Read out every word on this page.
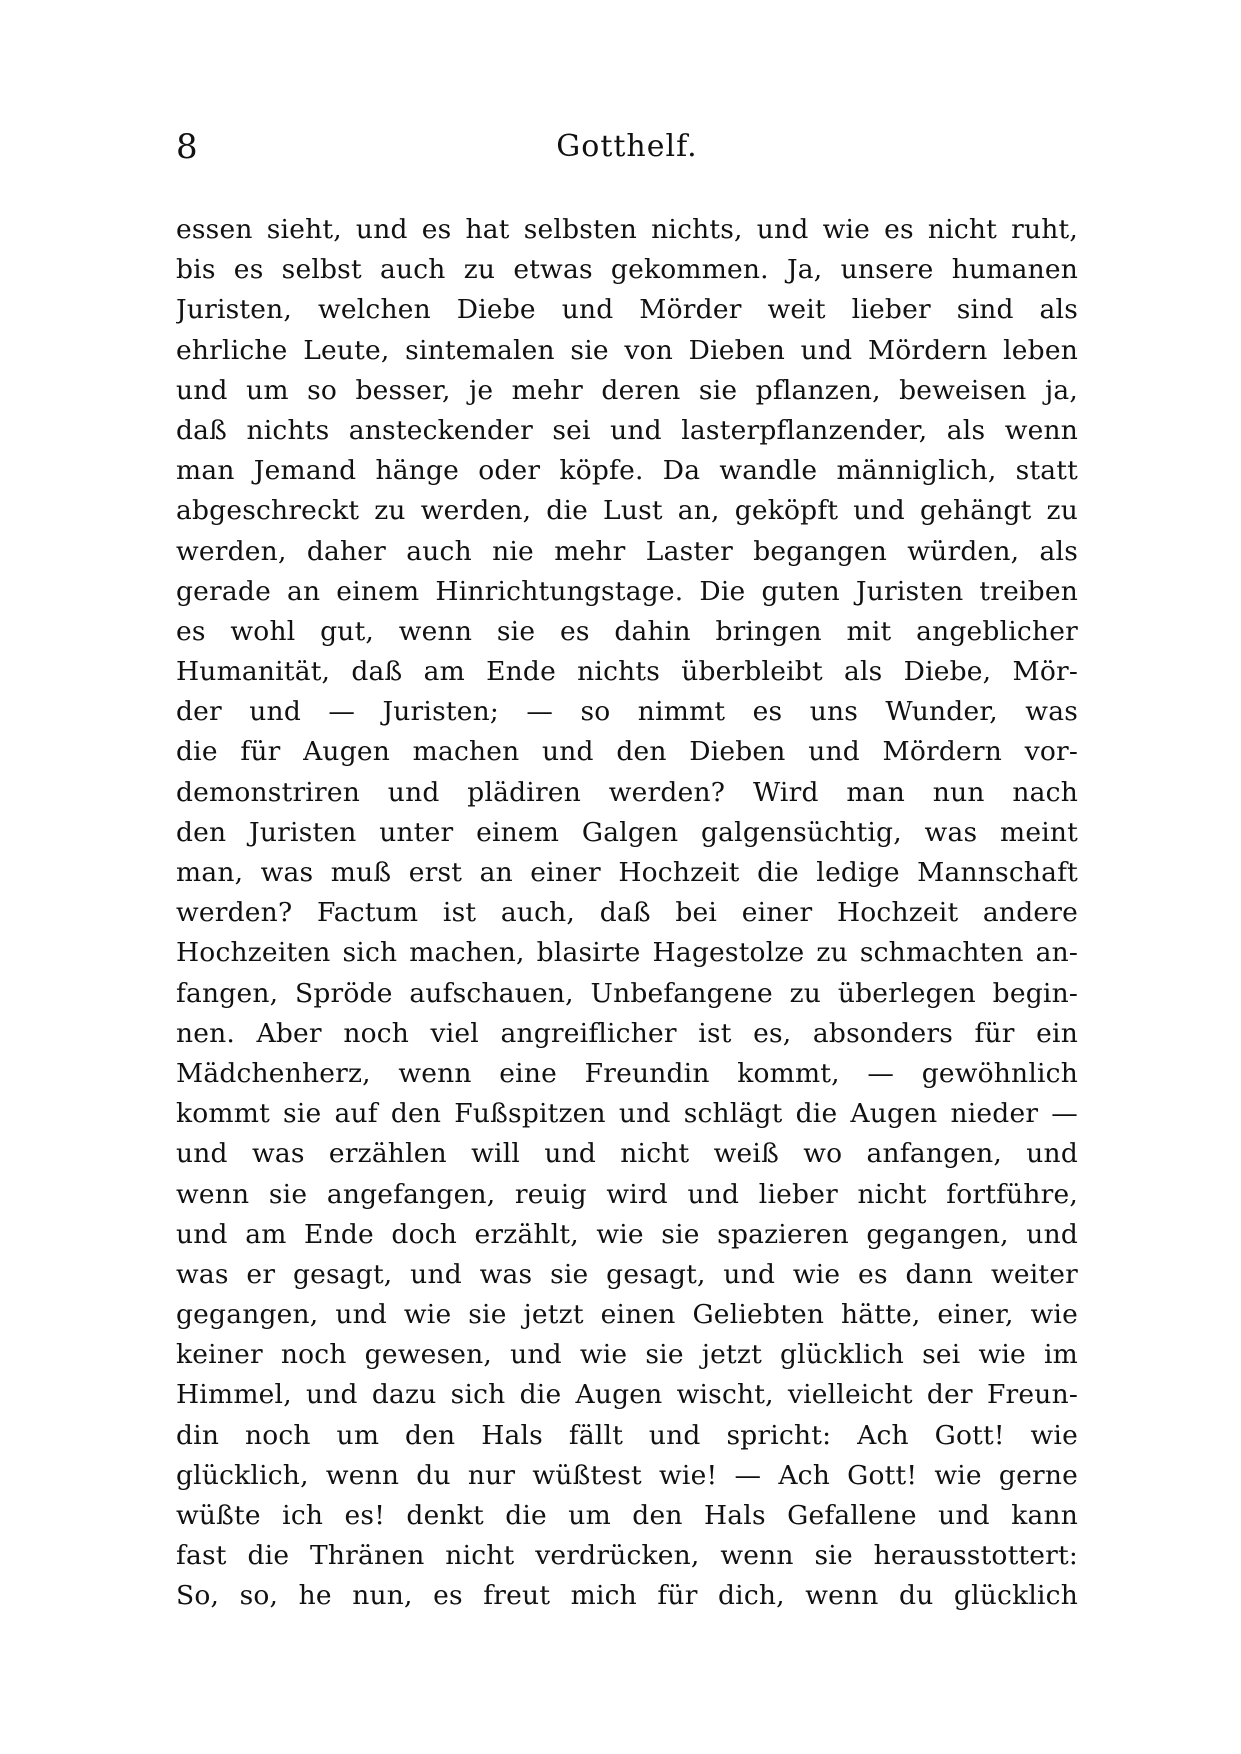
8	Gotthelf.
essen sieht, und es hat selbsten nichts, und wie es nicht ruht,
bis es selbst auch zu etwas gekommen. Ja, unsere humanen
Juristen, welchen Diebe und Mörder weit lieber sind als
ehrliche Leute, sintemalen sie von Dieben und Mördern leben
und um so besser, je mehr deren sie pflanzen, beweisen ja,
daß nichts ansteckender sei und lasterpflanzender, als wenn
man Jemand hänge oder köpfe. Da wandle männiglich, statt
abgeschreckt zu werden, die Lust an, geköpft und gehängt zu
werden, daher auch nie mehr Laster begangen würden, als
gerade an einem Hinrichtungstage. Die guten Juristen treiben
es wohl gut, wenn sie es dahin bringen mit angeblicher
Humanität, daß am Ende nichts überbleibt als Diebe, Mör-
der und — Juristen; — so nimmt es uns Wunder, was
die für Augen machen und den Dieben und Mördern vor-
demonstriren und plädiren werden? Wird man nun nach
den Juristen unter einem Galgen galgensüchtig, was meint
man, was muß erst an einer Hochzeit die ledige Mannschaft
werden? Factum ist auch, daß bei einer Hochzeit andere
Hochzeiten sich machen, blasirte Hagestolze zu schmachten an-
fangen, Spröde aufschauen, Unbefangene zu überlegen begin-
nen. Aber noch viel angreiflicher ist es, absonders für ein
Mädchenherz, wenn eine Freundin kommt, — gewöhnlich
kommt sie auf den Fußspitzen und schlägt die Augen nieder —
und was erzählen will und nicht weiß wo anfangen, und
wenn sie angefangen, reuig wird und lieber nicht fortführe,
und am Ende doch erzählt, wie sie spazieren gegangen, und
was er gesagt, und was sie gesagt, und wie es dann weiter
gegangen, und wie sie jetzt einen Geliebten hätte, einer, wie
keiner noch gewesen, und wie sie jetzt glücklich sei wie im
Himmel, und dazu sich die Augen wischt, vielleicht der Freun-
din noch um den Hals fällt und spricht: Ach Gott! wie
glücklich, wenn du nur wüßtest wie! — Ach Gott! wie gerne
wüßte ich es! denkt die um den Hals Gefallene und kann
fast die Thränen nicht verdrücken, wenn sie herausstottert:
So, so, he nun, es freut mich für dich, wenn du glücklich
